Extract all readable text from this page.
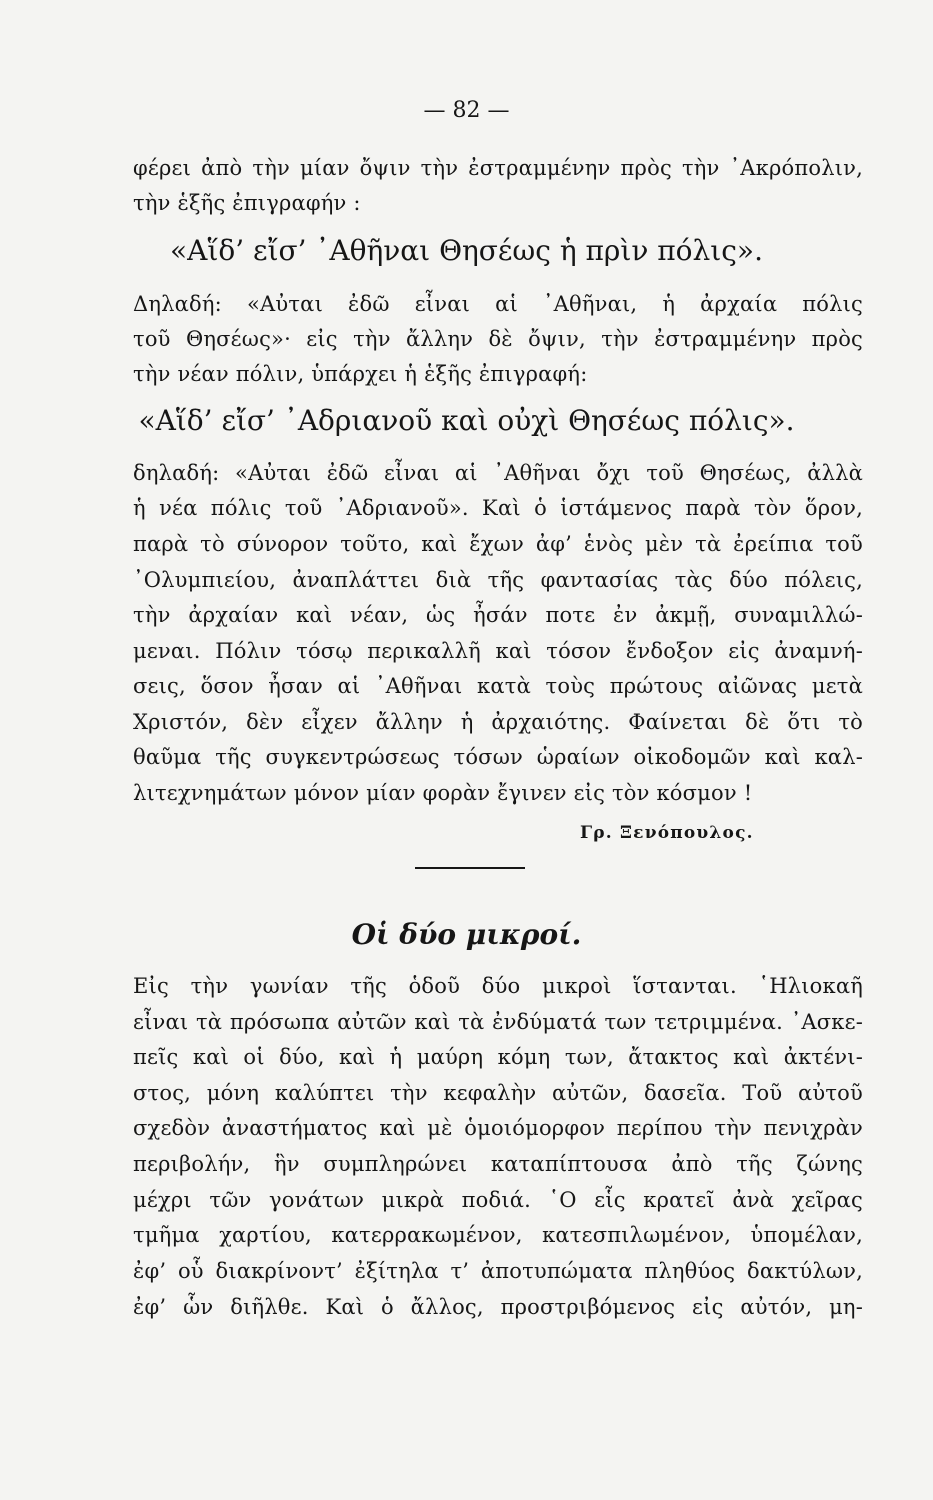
— 82 —
φέρει ἀπὸ τὴν μίαν ὄψιν τὴν ἐστραμμένην πρὸς τὴν ᾽Ακρόπολιν,
τὴν ἑξῆς ἐπιγραφήν :
«Αἵδ’ εἴσ’ ᾽Αθῆναι Θησέως ἡ πρὶν πόλις».
Δηλαδή: «Αὐται ἐδῶ εἶναι αἱ ᾽Αθῆναι, ἡ ἀρχαία πόλις
τοῦ Θησέως»· εἰς τὴν ἄλλην δὲ ὄψιν, τὴν ἐστραμμένην πρὸς
τὴν νέαν πόλιν, ὑπάρχει ἡ ἑξῆς ἐπιγραφή:
«Αἵδ’ εἴσ’ ᾽Αδριανοῦ καὶ οὐχὶ Θησέως πόλις».
δηλαδή: «Αὐται ἐδῶ εἶναι αἱ ᾽Αθῆναι ὄχι τοῦ Θησέως, ἀλλὰ
ἡ νέα πόλις τοῦ ᾽Αδριανοῦ». Καὶ ὁ ἱστάμενος παρὰ τὸν ὅρον,
παρὰ τὸ σύνορον τοῦτο, καὶ ἔχων ἀφ’ ἑνὸς μὲν τὰ ἐρείπια τοῦ
᾽Ολυμπιείου, ἀναπλάττει διὰ τῆς φαντασίας τὰς δύο πόλεις,
τὴν ἀρχαίαν καὶ νέαν, ὡς ἦσάν ποτε ἐν ἀκμῇ, συναμιλλώ-
μεναι. Πόλιν τόσῳ περικαλλῆ καὶ τόσον ἔνδοξον εἰς ἀναμνή-
σεις, ὅσον ἦσαν αἱ ᾽Αθῆναι κατὰ τοὺς πρώτους αἰῶνας μετὰ
Χριστόν, δὲν εἶχεν ἄλλην ἡ ἀρχαιότης. Φαίνεται δὲ ὅτι τὸ
θαῦμα τῆς συγκεντρώσεως τόσων ὡραίων οἰκοδομῶν καὶ καλ-
λιτεχνημάτων μόνον μίαν φορὰν ἔγινεν εἰς τὸν κόσμον !
Γρ. Ξενόπουλος.
Οἱ δύο μικροί.
Εἰς τὴν γωνίαν τῆς ὁδοῦ δύο μικροὶ ἵστανται. ῾Ηλιοκαῆ
εἶναι τὰ πρόσωπα αὐτῶν καὶ τὰ ἐνδύματά των τετριμμένα. ᾽Ασκε-
πεῖς καὶ οἱ δύο, καὶ ἡ μαύρη κόμη των, ἄτακτος καὶ ἀκτένι-
στος, μόνη καλύπτει τὴν κεφαλὴν αὐτῶν, δασεῖα. Τοῦ αὐτοῦ
σχεδὸν ἀναστήματος καὶ μὲ ὁμοιόμορφον περίπου τὴν πενιχρὰν
περιβολήν, ἣν συμπληρώνει καταπίπτουσα ἀπὸ τῆς ζώνης
μέχρι τῶν γονάτων μικρὰ ποδιά. ῾Ο εἷς κρατεῖ ἀνὰ χεῖρας
τμῆμα χαρτίου, κατερρακωμένον, κατεσπιλωμένον, ὑπομέλαν,
ἐφ’ οὗ διακρίνοντ’ ἐξίτηλα τ’ ἀποτυπώματα πληθύος δακτύλων,
ἐφ’ ὧν διῆλθε. Καὶ ὁ ἄλλος, προστριβόμενος εἰς αὐτόν, μη-
